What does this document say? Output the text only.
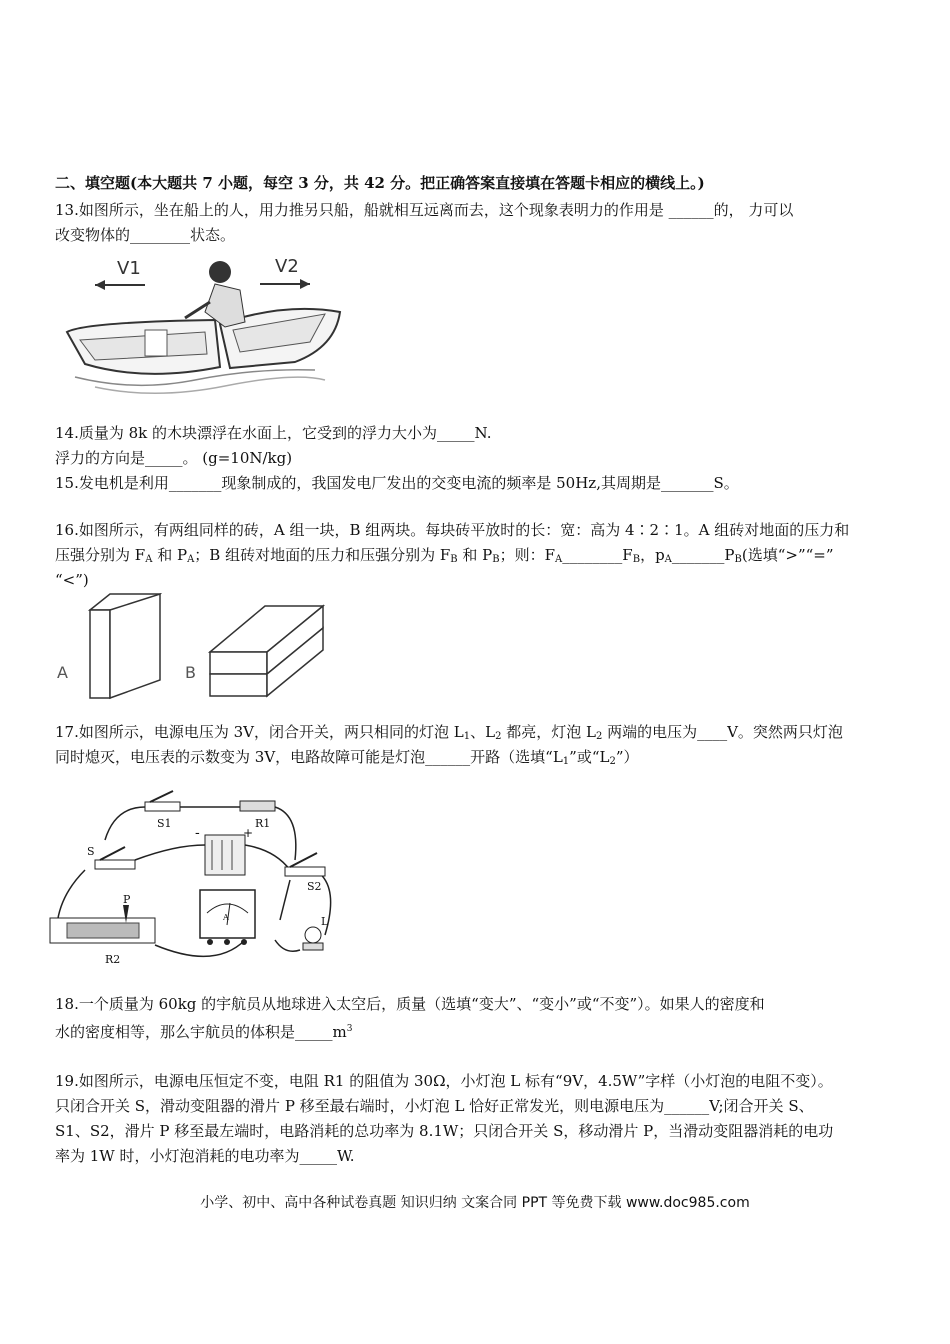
二、填空题(本大题共 7 小题，每空 3 分，共 42 分。把正确答案直接填在答题卡相应的横线上。)
13.如图所示，坐在船上的人，用力推另只船，船就相互远离而去，这个现象表明力的作用是 ______的， 力可以
改变物体的________状态。
V1	V2
14.质量为 8k 的木块漂浮在水面上，它受到的浮力大小为_____N.
浮力的方向是_____。 (g=10N/kg)
15.发电机是利用_______现象制成的，我国发电厂发出的交变电流的频率是 50Hz,其周期是_______S。
16.如图所示，有两组同样的砖，A 组一块，B 组两块。每块砖平放时的长：宽：高为 4∶2∶1。A 组砖对地面的压力和
压强分别为 $F_A$ 和 $P_A$；B 组砖对地面的压力和压强分别为 $F_B$ 和 $P_B$；则：$F_A\_\_\_\_\_\_\_\_F_B$，$p_A\_\_\_\_\_\_\_P_B$(选填“>”“=”
“<”)
A	B
17.如图所示，电源电压为 3V，闭合开关，两只相同的灯泡 $L_1$、$L_2$ 都亮，灯泡 $L_2$ 两端的电压为____V。突然两只灯泡
同时熄灭，电压表的示数变为 3V，电路故障可能是灯泡______开路（选填“$L_1$”或“$L_2$”）
S1	R1
S
-	+
S2
P
R2
A	L
18.一个质量为 60kg 的宇航员从地球进入太空后，质量（选填“变大”、“变小”或“不变”）。如果人的密度和
水的密度相等，那么宇航员的体积是$\_\_\_\_\_m^3$
19.如图所示，电源电压恒定不变，电阻 R1 的阻值为 30Ω，小灯泡 L 标有“9V，4.5W”字样（小灯泡的电阻不变）。
只闭合开关 S，滑动变阻器的滑片 P 移至最右端时，小灯泡 L 恰好正常发光，则电源电压为______V;闭合开关 S、
S1、S2，滑片 P 移至最左端时，电路消耗的总功率为 8.1W；只闭合开关 S，移动滑片 P，当滑动变阻器消耗的电功
率为 1W 时，小灯泡消耗的电功率为_____W.
小学、初中、高中各种试卷真题 知识归纳 文案合同 PPT 等免费下载 www.doc985.com
